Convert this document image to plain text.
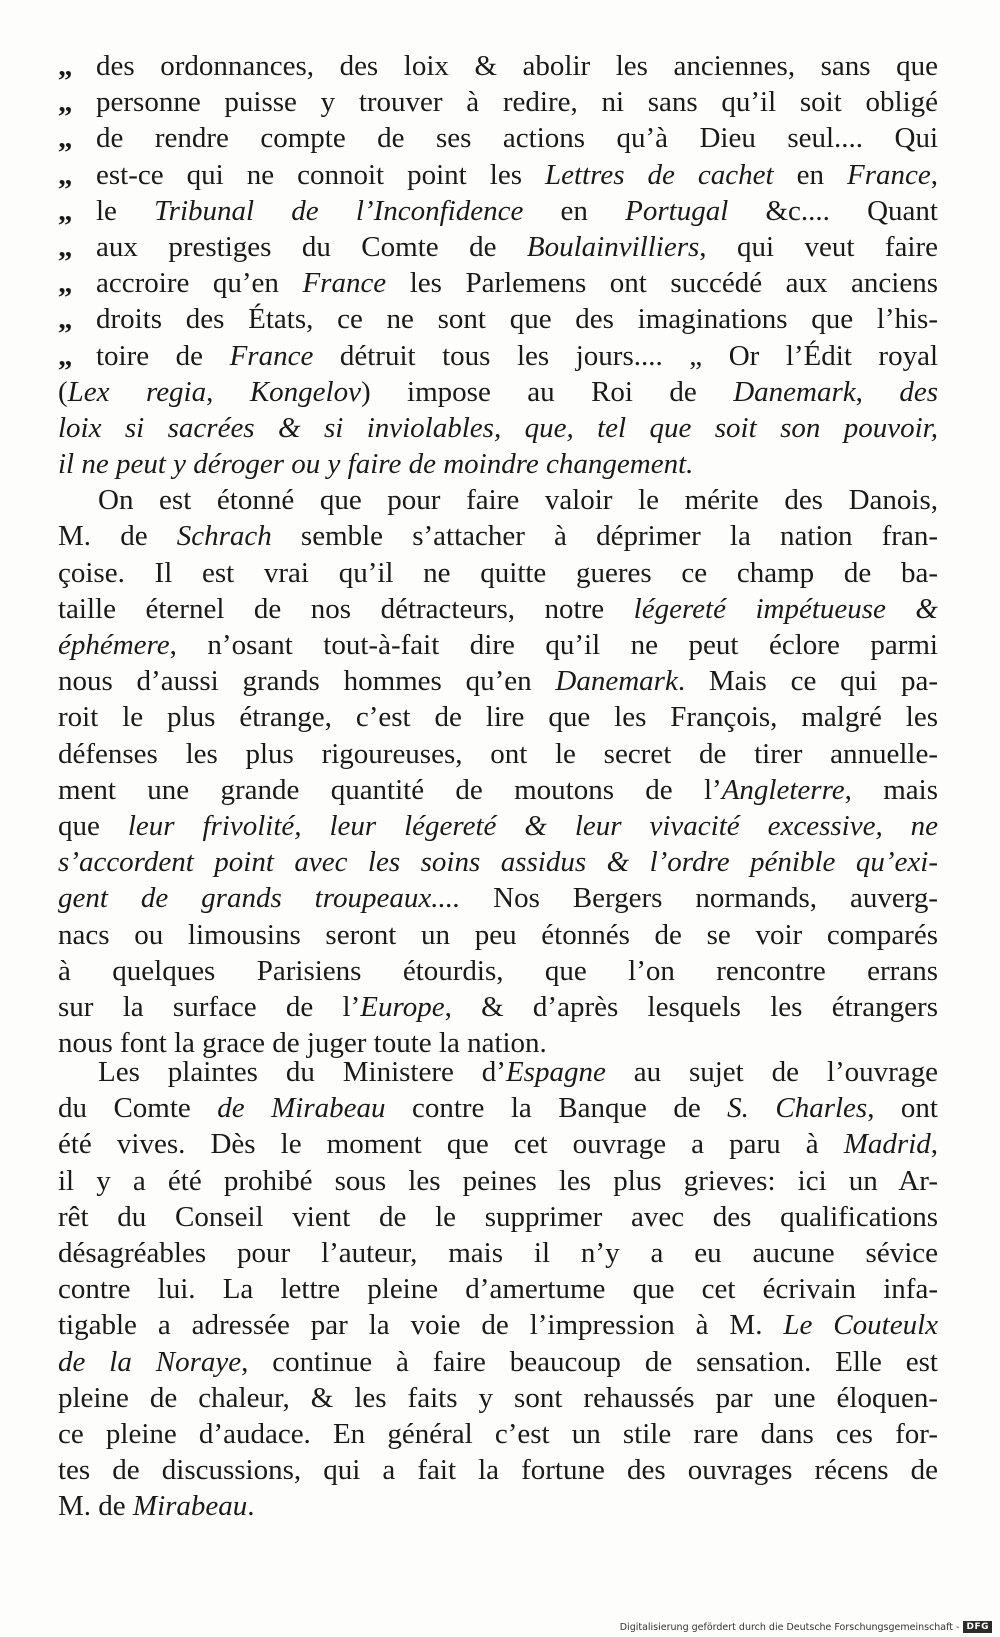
„ des ordonnances, des loix & abolir les anciennes, sans que
„ personne puisse y trouver à redire, ni sans qu’il soit obligé
„ de rendre compte de ses actions qu’à Dieu seul.... Qui
„ est-ce qui ne connoit point les Lettres de cachet en France,
„ le Tribunal de l’Inconfidence en Portugal &c.... Quant
„ aux prestiges du Comte de Boulainvilliers, qui veut faire
„ accroire qu’en France les Parlemens ont succédé aux anciens
„ droits des États, ce ne sont que des imaginations que l’his-
„ toire de France détruit tous les jours.... „ Or l’Édit royal
(Lex regia, Kongelov) impose au Roi de Danemark, des
loix si sacrées & si inviolables, que, tel que soit son pouvoir,
il ne peut y déroger ou y faire de moindre changement.
On est étonné que pour faire valoir le mérite des Danois,
M. de Schrach semble s’attacher à déprimer la nation fran-
çoise. Il est vrai qu’il ne quitte gueres ce champ de ba-
taille éternel de nos détracteurs, notre légereté impétueuse &
éphémere, n’osant tout-à-fait dire qu’il ne peut éclore parmi
nous d’aussi grands hommes qu’en Danemark. Mais ce qui pa-
roit le plus étrange, c’est de lire que les François, malgré les
défenses les plus rigoureuses, ont le secret de tirer annuelle-
ment une grande quantité de moutons de l’Angleterre, mais
que leur frivolité, leur légereté & leur vivacité excessive, ne
s’accordent point avec les soins assidus & l’ordre pénible qu’exi-
gent de grands troupeaux.... Nos Bergers normands, auverg-
nacs ou limousins seront un peu étonnés de se voir comparés
à quelques Parisiens étourdis, que l’on rencontre errans
sur la surface de l’Europe, & d’après lesquels les étrangers
nous font la grace de juger toute la nation.
Les plaintes du Ministere d’Espagne au sujet de l’ouvrage
du Comte de Mirabeau contre la Banque de S. Charles, ont
été vives. Dès le moment que cet ouvrage a paru à Madrid,
il y a été prohibé sous les peines les plus grieves: ici un Ar-
rêt du Conseil vient de le supprimer avec des qualifications
désagréables pour l’auteur, mais il n’y a eu aucune sévice
contre lui. La lettre pleine d’amertume que cet écrivain infa-
tigable a adressée par la voie de l’impression à M. Le Couteulx
de la Noraye, continue à faire beaucoup de sensation. Elle est
pleine de chaleur, & les faits y sont rehaussés par une éloquen-
ce pleine d’audace. En général c’est un stile rare dans ces for-
tes de discussions, qui a fait la fortune des ouvrages récens de
M. de Mirabeau.
Digitalisierung gefördert durch die Deutsche Forschungsgemeinschaft - DFG
